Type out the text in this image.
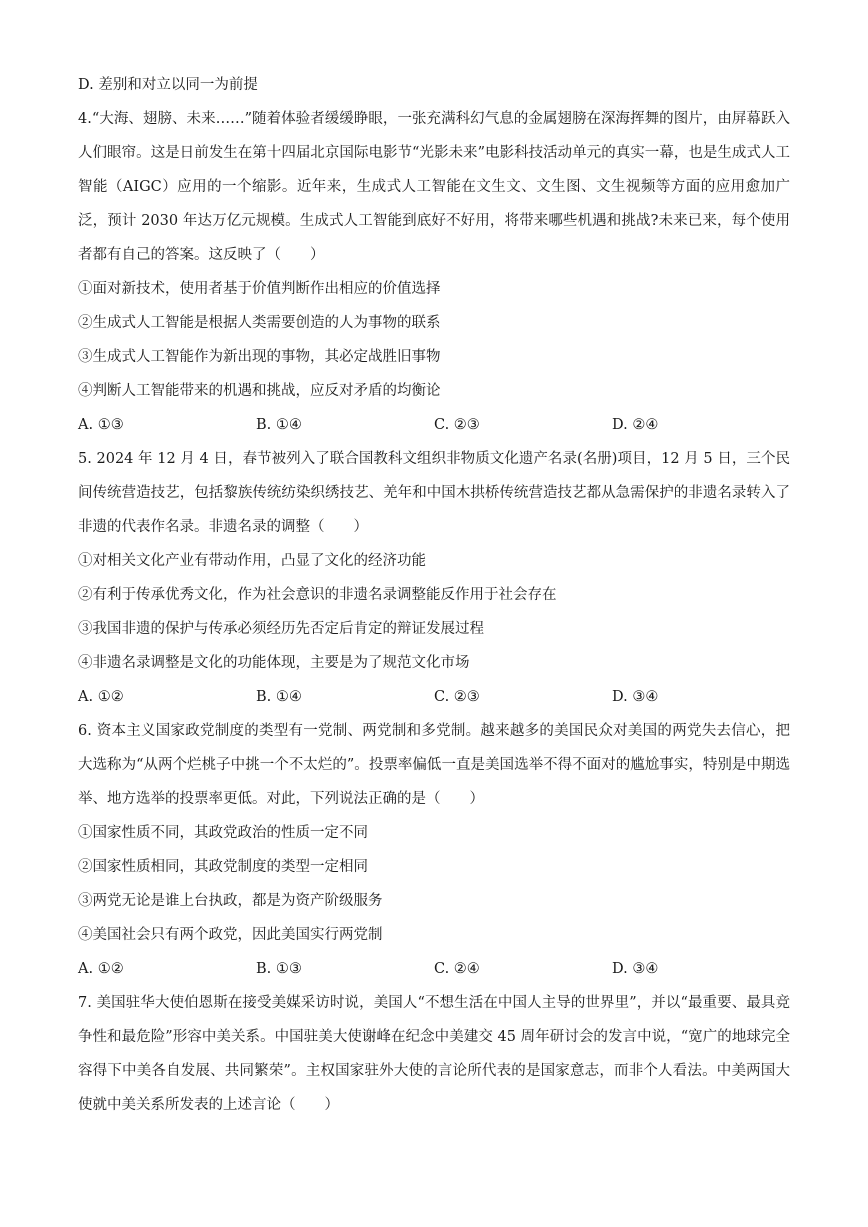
D. 差别和对立以同一为前提
4.“大海、翅膀、未来……”随着体验者缓缓睁眼，一张充满科幻气息的金属翅膀在深海挥舞的图片，由屏幕跃入人们眼帘。这是日前发生在第十四届北京国际电影节“光影未来”电影科技活动单元的真实一幕，也是生成式人工智能（AIGC）应用的一个缩影。近年来，生成式人工智能在文生文、文生图、文生视频等方面的应用愈加广泛，预计 2030 年达万亿元规模。生成式人工智能到底好不好用，将带来哪些机遇和挑战?未来已来，每个使用者都有自己的答案。这反映了（　　）
①面对新技术，使用者基于价值判断作出相应的价值选择
②生成式人工智能是根据人类需要创造的人为事物的联系
③生成式人工智能作为新出现的事物，其必定战胜旧事物
④判断人工智能带来的机遇和挑战，应反对矛盾的均衡论
A. ①③	B. ①④	C. ②③	D. ②④
5. 2024 年 12 月 4 日，春节被列入了联合国教科文组织非物质文化遗产名录(名册)项目，12 月 5 日，三个民间传统营造技艺，包括黎族传统纺染织绣技艺、羌年和中国木拱桥传统营造技艺都从急需保护的非遗名录转入了非遗的代表作名录。非遗名录的调整（　　）
①对相关文化产业有带动作用，凸显了文化的经济功能
②有利于传承优秀文化，作为社会意识的非遗名录调整能反作用于社会存在
③我国非遗的保护与传承必须经历先否定后肯定的辩证发展过程
④非遗名录调整是文化的功能体现，主要是为了规范文化市场
A. ①②	B. ①④	C. ②③	D. ③④
6. 资本主义国家政党制度的类型有一党制、两党制和多党制。越来越多的美国民众对美国的两党失去信心，把大选称为“从两个烂桃子中挑一个不太烂的”。投票率偏低一直是美国选举不得不面对的尴尬事实，特别是中期选举、地方选举的投票率更低。对此，下列说法正确的是（　　）
①国家性质不同，其政党政治的性质一定不同
②国家性质相同，其政党制度的类型一定相同
③两党无论是谁上台执政，都是为资产阶级服务
④美国社会只有两个政党，因此美国实行两党制
A. ①②	B. ①③	C. ②④	D. ③④
7. 美国驻华大使伯恩斯在接受美媒采访时说，美国人“不想生活在中国人主导的世界里”，并以“最重要、最具竞争性和最危险”形容中美关系。中国驻美大使谢峰在纪念中美建交 45 周年研讨会的发言中说，“宽广的地球完全容得下中美各自发展、共同繁荣”。主权国家驻外大使的言论所代表的是国家意志，而非个人看法。中美两国大使就中美关系所发表的上述言论（　　）
